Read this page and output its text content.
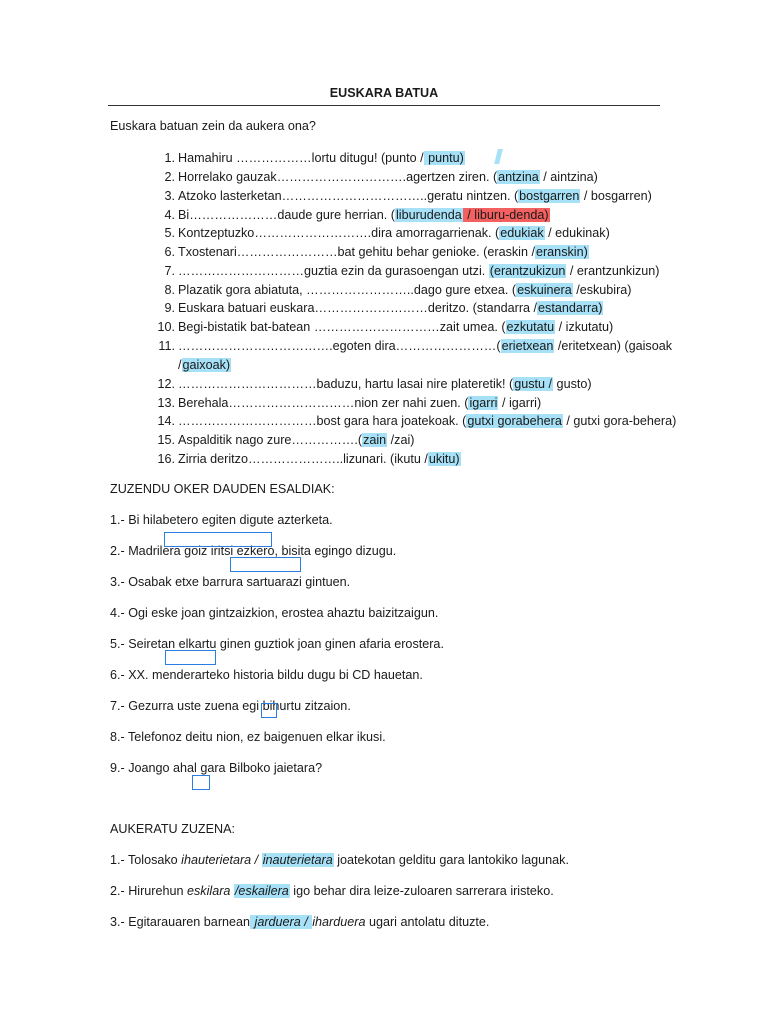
EUSKARA BATUA
Euskara batuan zein da aukera ona?
1. Hamahiru ………………lortu ditugu! (punto / puntu)
2. Horrelako gauzak………………………….agertzen ziren. (antzina / aintzina)
3. Atzoko lasterketan……………………………..geratu nintzen. (bostgarren / bosgarren)
4. Bi…………………daude gure herrian. (liburudenda / liburu-denda)
5. Kontzeptuzko……………………….dira amorragarrienak. (edukiak / edukinak)
6. Txostenari……………………bat gehitu behar genioke. (eraskin /eranskin)
7. …………………………guztia ezin da gurasoengan utzi. (erantzukizun / erantzunkizun)
8. Plazatik gora abiatuta, ……………………..dago gure etxea. (eskuinera /eskubira)
9. Euskara batuari euskara………………………deritzo. (standarra /estandarra)
10. Begi-bistatik bat-batean …………………………zait umea. (ezkutatu / izkutatu)
11. ……………………………….egoten dira……………………(erietxean /eritetxean) (gaisoak
/gaixoak)
12. ……………………………baduzu, hartu lasai nire plateretik! (gustu / gusto)
13. Berehala…………………………nion zer nahi zuen. (igarri / igarri)
14. ……………………………bost gara hara joatekoak. (gutxi gorabehera / gutxi gora-behera)
15. Aspalditik nago zure…………….(zain /zai)
16. Zirria deritzo…………………..lizunari. (ikutu /ukitu)
ZUZENDU OKER DAUDEN ESALDIAK:
1.- Bi hilabetero egiten digute azterketa.
2.- Madrilera goiz iritsi ezkero, bisita egingo dizugu.
3.- Osabak etxe barrura sartuarazi gintuen.
4.- Ogi eske joan gintzaizkion, erostea ahaztu baizitzaigun.
5.- Seiretan elkartu ginen guztiok joan ginen afaria erostera.
6.- XX. menderarteko historia bildu dugu bi CD hauetan.
7.- Gezurra uste zuena egi bihurtu zitzaion.
8.- Telefonoz deitu nion, ez baigenuen elkar ikusi.
9.- Joango ahal gara Bilboko jaietara?
AUKERATU ZUZENA:
1.- Tolosako ihauterietara / inauterietara joatekotan gelditu gara lantokiko lagunak.
2.- Hirurehun eskilara /eskailera igo behar dira leize-zuloaren sarrerara iristeko.
3.- Egitarauaren barnean jarduera / iharduera ugari antolatu dituzte.
